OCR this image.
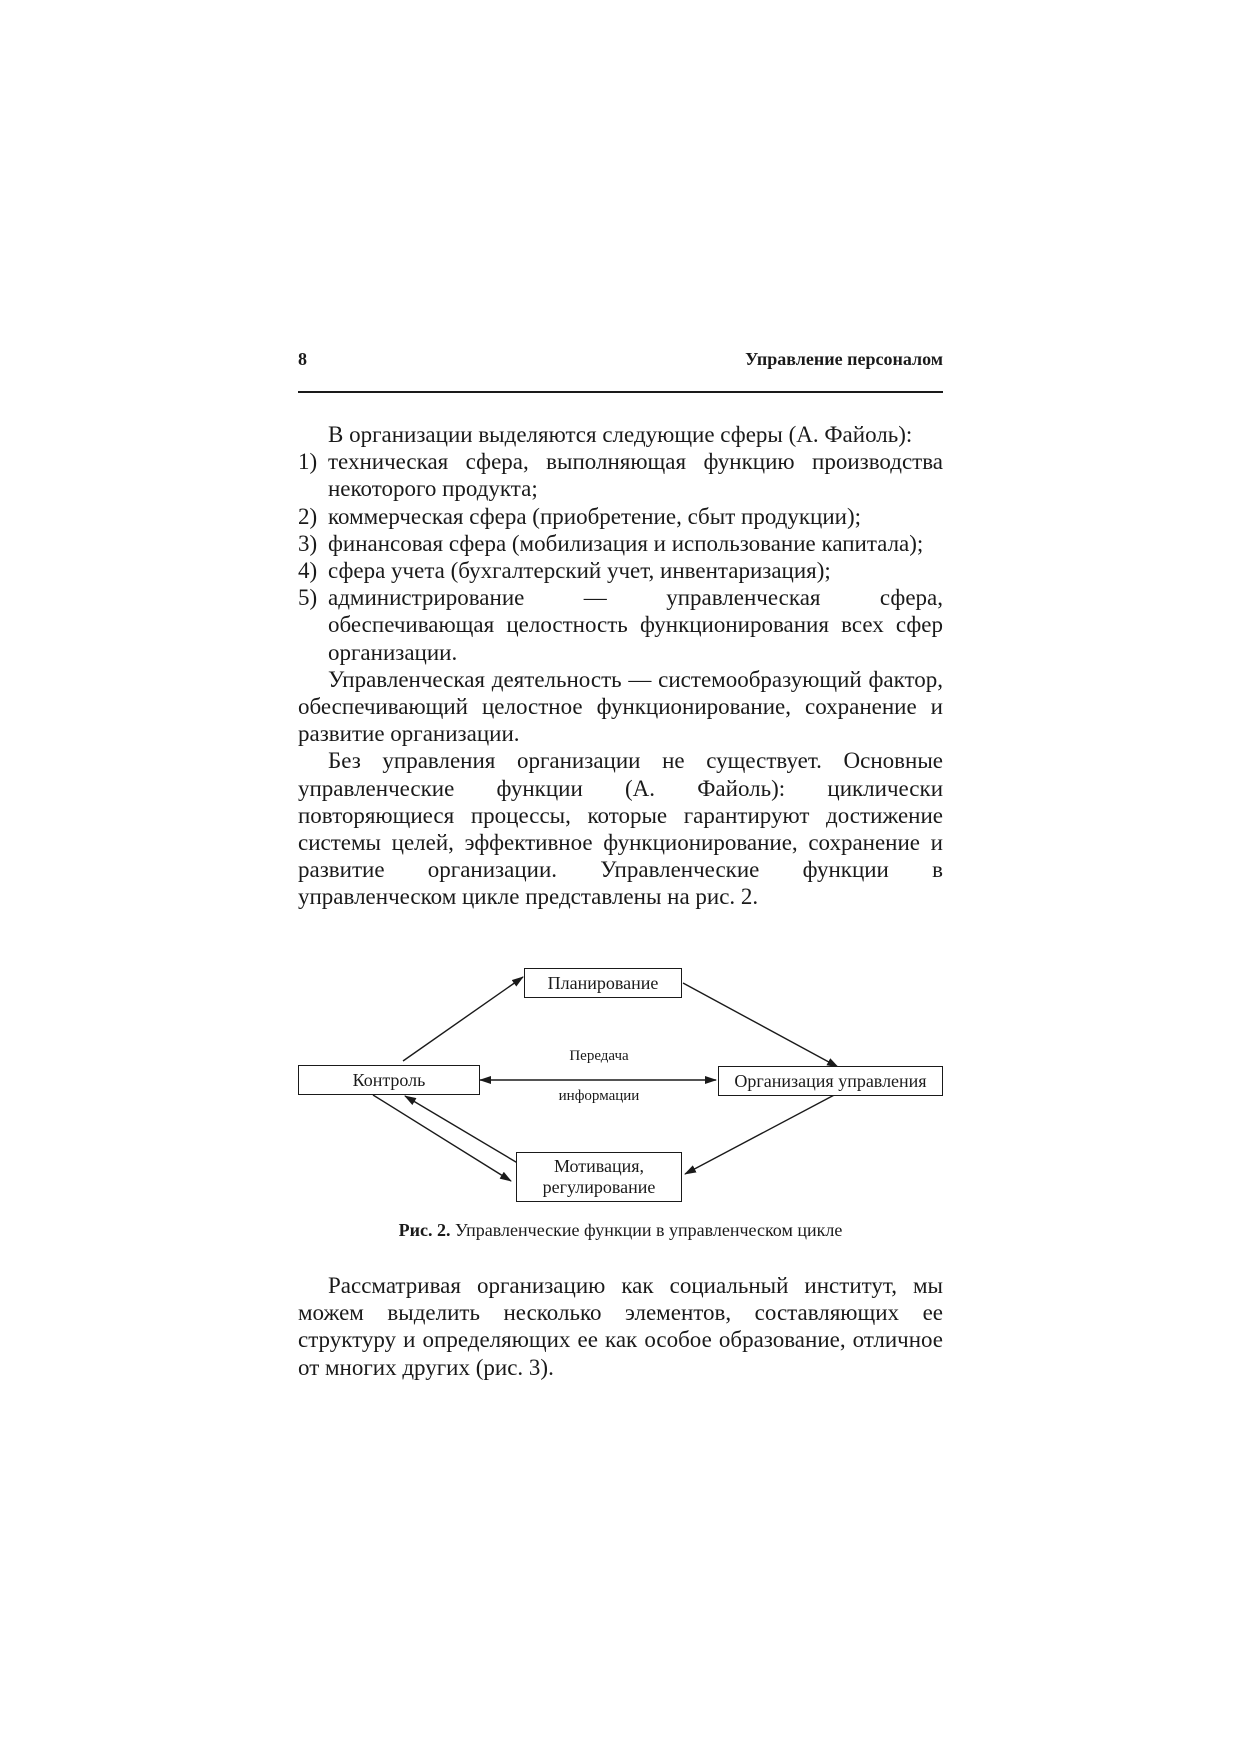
8	Управление персоналом

В организации выделяются следующие сферы (А. Файоль):

1) техническая сфера, выполняющая функцию производства некоторого продукта;
2) коммерческая сфера (приобретение, сбыт продукции);
3) финансовая сфера (мобилизация и использование капитала);
4) сфера учета (бухгалтерский учет, инвентаризация);
5) администрирование — управленческая сфера, обеспечивающая целостность функционирования всех сфер организации.

Управленческая деятельность — системообразующий фактор, обеспечивающий целостное функционирование, сохранение и развитие организации.

Без управления организации не существует. Основные управленческие функции (А. Файоль): циклически повторяющиеся процессы, которые гарантируют достижение системы целей, эффективное функционирование, сохранение и развитие организации. Управленческие функции в управленческом цикле представлены на рис. 2.

Планирование
Контроль	Организация управления
Мотивация,
регулирование
Передача
информации
Рис. 2. Управленческие функции в управленческом цикле

Рассматривая организацию как социальный институт, мы можем выделить несколько элементов, составляющих ее структуру и определяющих ее как особое образование, отличное от многих других (рис. 3).
